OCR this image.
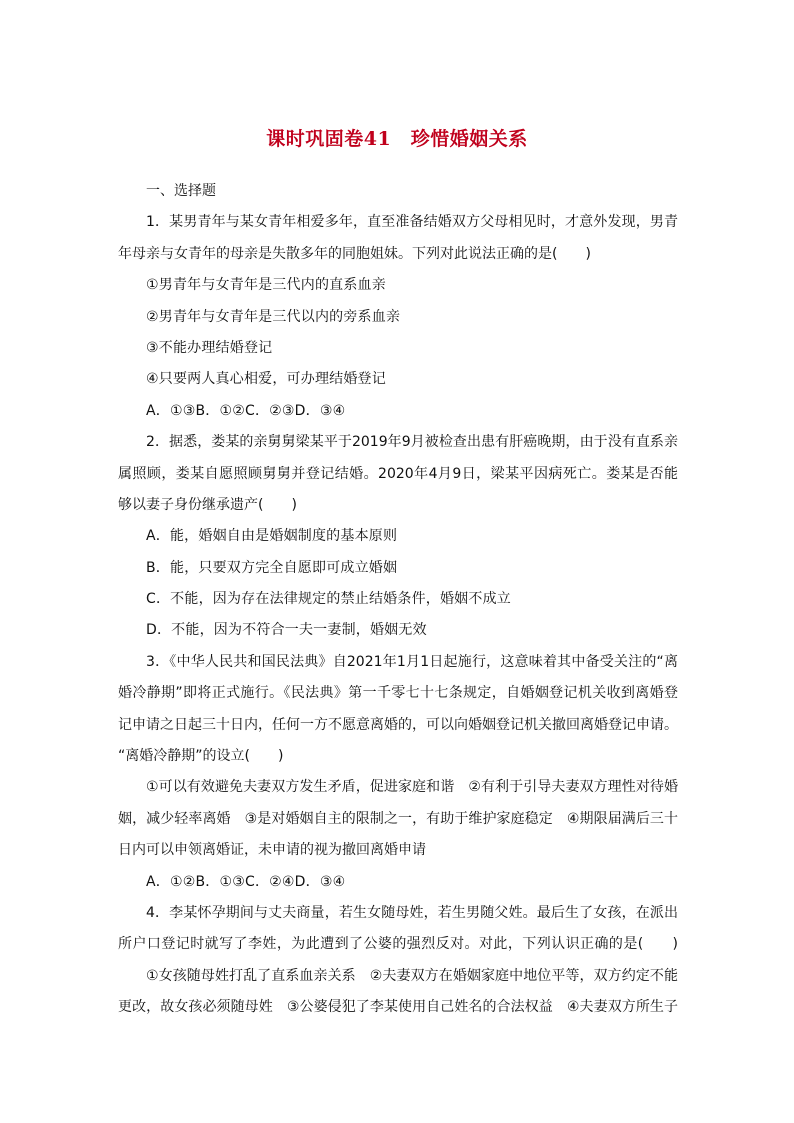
课时巩固卷41　珍惜婚姻关系
一、选择题
1．某男青年与某女青年相爱多年，直至准备结婚双方父母相见时，才意外发现，男青
年母亲与女青年的母亲是失散多年的同胞姐妹。下列对此说法正确的是(　　)
①男青年与女青年是三代内的直系血亲
②男青年与女青年是三代以内的旁系血亲
③不能办理结婚登记
④只要两人真心相爱，可办理结婚登记
A．①③B．①②C．②③D．③④
2．据悉，娄某的亲舅舅梁某平于2019年9月被检查出患有肝癌晚期，由于没有直系亲
属照顾，娄某自愿照顾舅舅并登记结婚。2020年4月9日，梁某平因病死亡。娄某是否能
够以妻子身份继承遗产(　　)
A．能，婚姻自由是婚姻制度的基本原则
B．能，只要双方完全自愿即可成立婚姻
C．不能，因为存在法律规定的禁止结婚条件，婚姻不成立
D．不能，因为不符合一夫一妻制，婚姻无效
3．《中华人民共和国民法典》自2021年1月1日起施行，这意味着其中备受关注的“离
婚冷静期”即将正式施行。《民法典》第一千零七十七条规定，自婚姻登记机关收到离婚登
记申请之日起三十日内，任何一方不愿意离婚的，可以向婚姻登记机关撤回离婚登记申请。
“离婚冷静期”的设立(　　)
①可以有效避免夫妻双方发生矛盾，促进家庭和谐　②有利于引导夫妻双方理性对待婚
姻，减少轻率离婚　③是对婚姻自主的限制之一，有助于维护家庭稳定　④期限届满后三十
日内可以申领离婚证，未申请的视为撤回离婚申请
A．①②B．①③C．②④D．③④
4．李某怀孕期间与丈夫商量，若生女随母姓，若生男随父姓。最后生了女孩，在派出
所户口登记时就写了李姓，为此遭到了公婆的强烈反对。对此，下列认识正确的是(　　)
①女孩随母姓打乱了直系血亲关系　②夫妻双方在婚姻家庭中地位平等，双方约定不能
更改，故女孩必须随母姓　③公婆侵犯了李某使用自己姓名的合法权益　④夫妻双方所生子
